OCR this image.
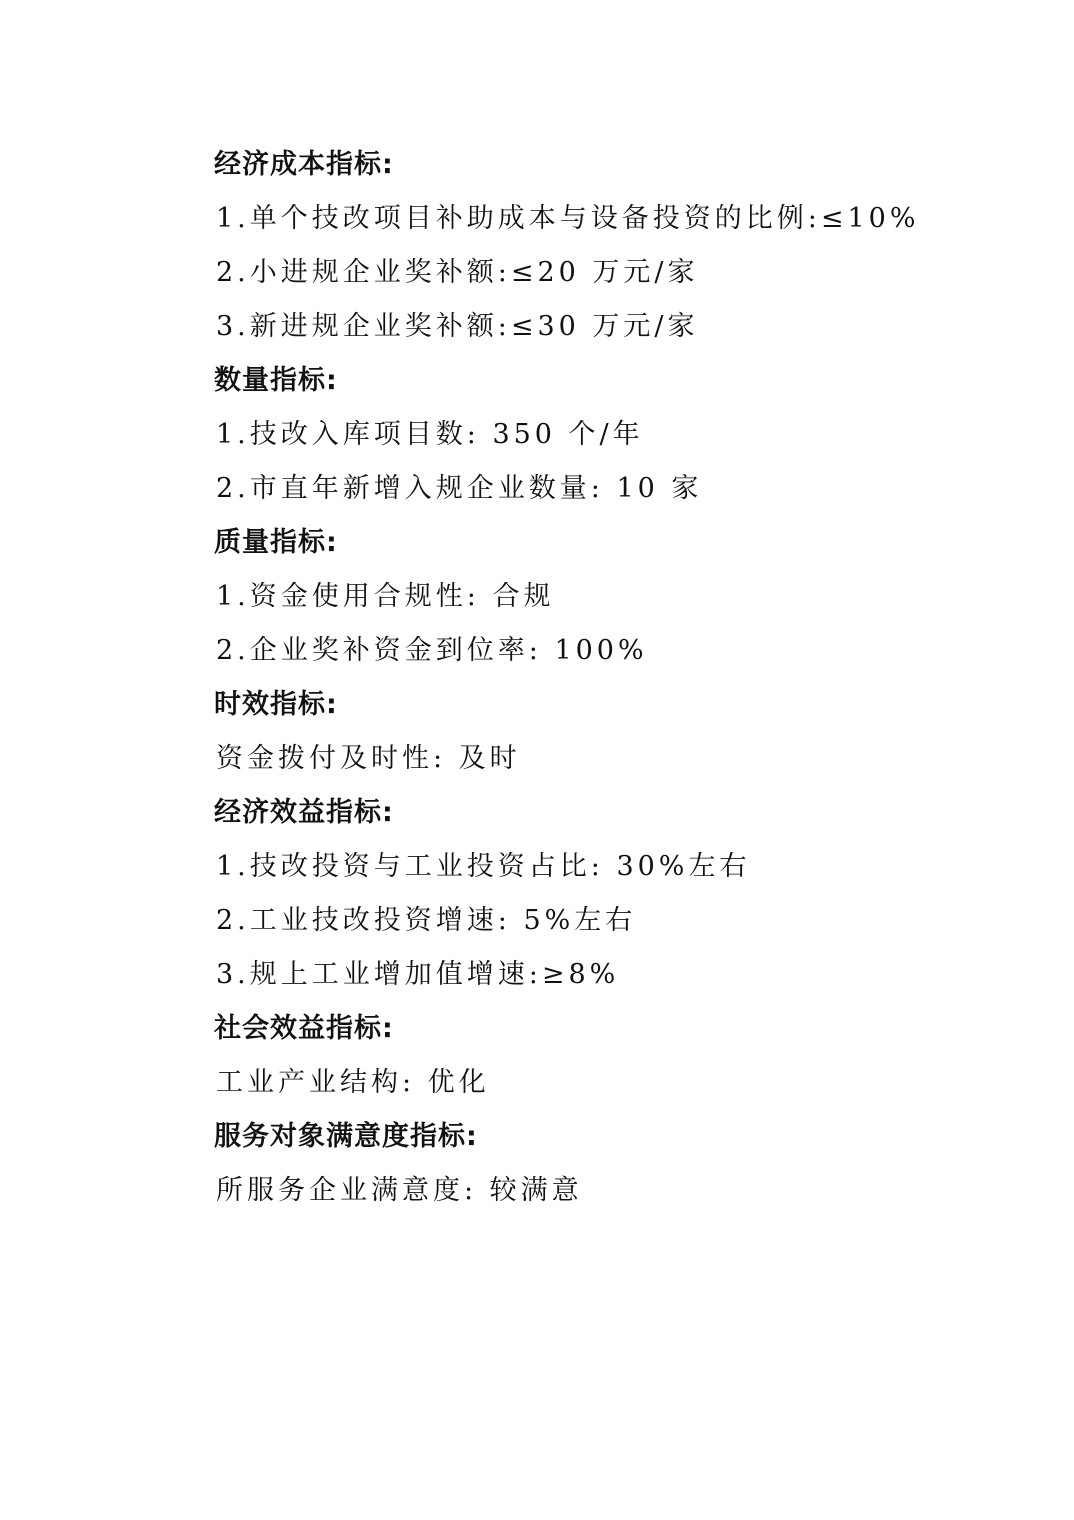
经济成本指标:
1.单个技改项目补助成本与设备投资的比例:≤10%
2.小进规企业奖补额:≤20 万元/家
3.新进规企业奖补额:≤30 万元/家
数量指标:
1.技改入库项目数: 350 个/年
2.市直年新增入规企业数量: 10 家
质量指标:
1.资金使用合规性: 合规
2.企业奖补资金到位率: 100%
时效指标:
资金拨付及时性: 及时
经济效益指标:
1.技改投资与工业投资占比: 30%左右
2.工业技改投资增速: 5%左右
3.规上工业增加值增速:≥8%
社会效益指标:
工业产业结构: 优化
服务对象满意度指标:
所服务企业满意度: 较满意
